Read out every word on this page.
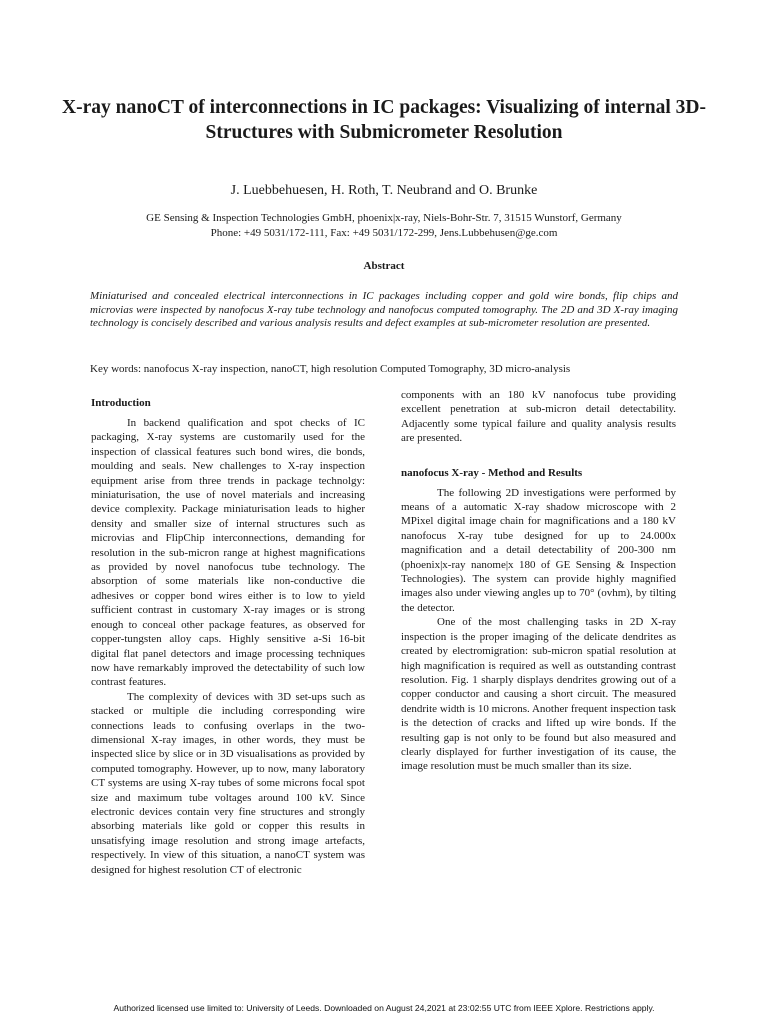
X-ray nanoCT of interconnections in IC packages: Visualizing of internal 3D-Structures with Submicrometer Resolution
J. Luebbehuesen, H. Roth, T. Neubrand and O. Brunke
GE Sensing & Inspection Technologies GmbH, phoenix|x-ray, Niels-Bohr-Str. 7, 31515 Wunstorf, Germany
Phone: +49 5031/172-111, Fax: +49 5031/172-299, Jens.Lubbehusen@ge.com
Abstract

Miniaturised and concealed electrical interconnections in IC packages including copper and gold wire bonds, flip chips and microvias were inspected by nanofocus X-ray tube technology and nanofocus computed tomography. The 2D and 3D X-ray imaging technology is concisely described and various analysis results and defect examples at sub-micrometer resolution are presented.

Key words: nanofocus X-ray inspection, nanoCT, high resolution Computed Tomography, 3D micro-analysis
Introduction

In backend qualification and spot checks of IC packaging, X-ray systems are customarily used for the inspection of classical features such bond wires, die bonds, moulding and seals. New challenges to X-ray inspection equipment arise from three trends in package technolgy: miniaturisation, the use of novel materials and increasing device complexity. Package miniaturisation leads to higher density and smaller size of internal structures such as microvias and FlipChip interconnections, demanding for resolution in the sub-micron range at highest magnifications as provided by novel nanofocus tube technology. The absorption of some materials like non-conductive die adhesives or copper bond wires either is to low to yield sufficient contrast in customary X-ray images or is strong enough to conceal other package features, as observed for copper-tungsten alloy caps. Highly sensitive a-Si 16-bit digital flat panel detectors and image processing techniques now have remarkably improved the detectability of such low contrast features.

The complexity of devices with 3D set-ups such as stacked or multiple die including corresponding wire connections leads to confusing overlaps in the two-dimensional X-ray images, in other words, they must be inspected slice by slice or in 3D visualisations as provided by computed tomography. However, up to now, many laboratory CT systems are using X-ray tubes of some microns focal spot size and maximum tube voltages around 100 kV. Since electronic devices contain very fine structures and strongly absorbing materials like gold or copper this results in unsatisfying image resolution and strong image artefacts, respectively. In view of this situation, a nanoCT system was designed for highest resolution CT of electronic

components with an 180 kV nanofocus tube providing excellent penetration at sub-micron detail detectability. Adjacently some typical failure and quality analysis results are presented.

nanofocus X-ray - Method and Results

The following 2D investigations were performed by means of a automatic X-ray shadow microscope with 2 MPixel digital image chain for magnifications and a 180 kV nanofocus X-ray tube designed for up to 24.000x magnification and a detail detectability of 200-300 nm (phoenix|x-ray nanome|x 180 of GE Sensing & Inspection Technologies). The system can provide highly magnified images also under viewing angles up to 70° (ovhm), by tilting the detector.

One of the most challenging tasks in 2D X-ray inspection is the proper imaging of the delicate dendrites as created by electromigration: sub-micron spatial resolution at high magnification is required as well as outstanding contrast resolution. Fig. 1 sharply displays dendrites growing out of a copper conductor and causing a short circuit. The measured dendrite width is 10 microns. Another frequent inspection task is the detection of cracks and lifted up wire bonds. If the resulting gap is not only to be found but also measured and clearly displayed for further investigation of its cause, the image resolution must be much smaller than its size.

Authorized licensed use limited to: University of Leeds. Downloaded on August 24,2021 at 23:02:55 UTC from IEEE Xplore. Restrictions apply.
